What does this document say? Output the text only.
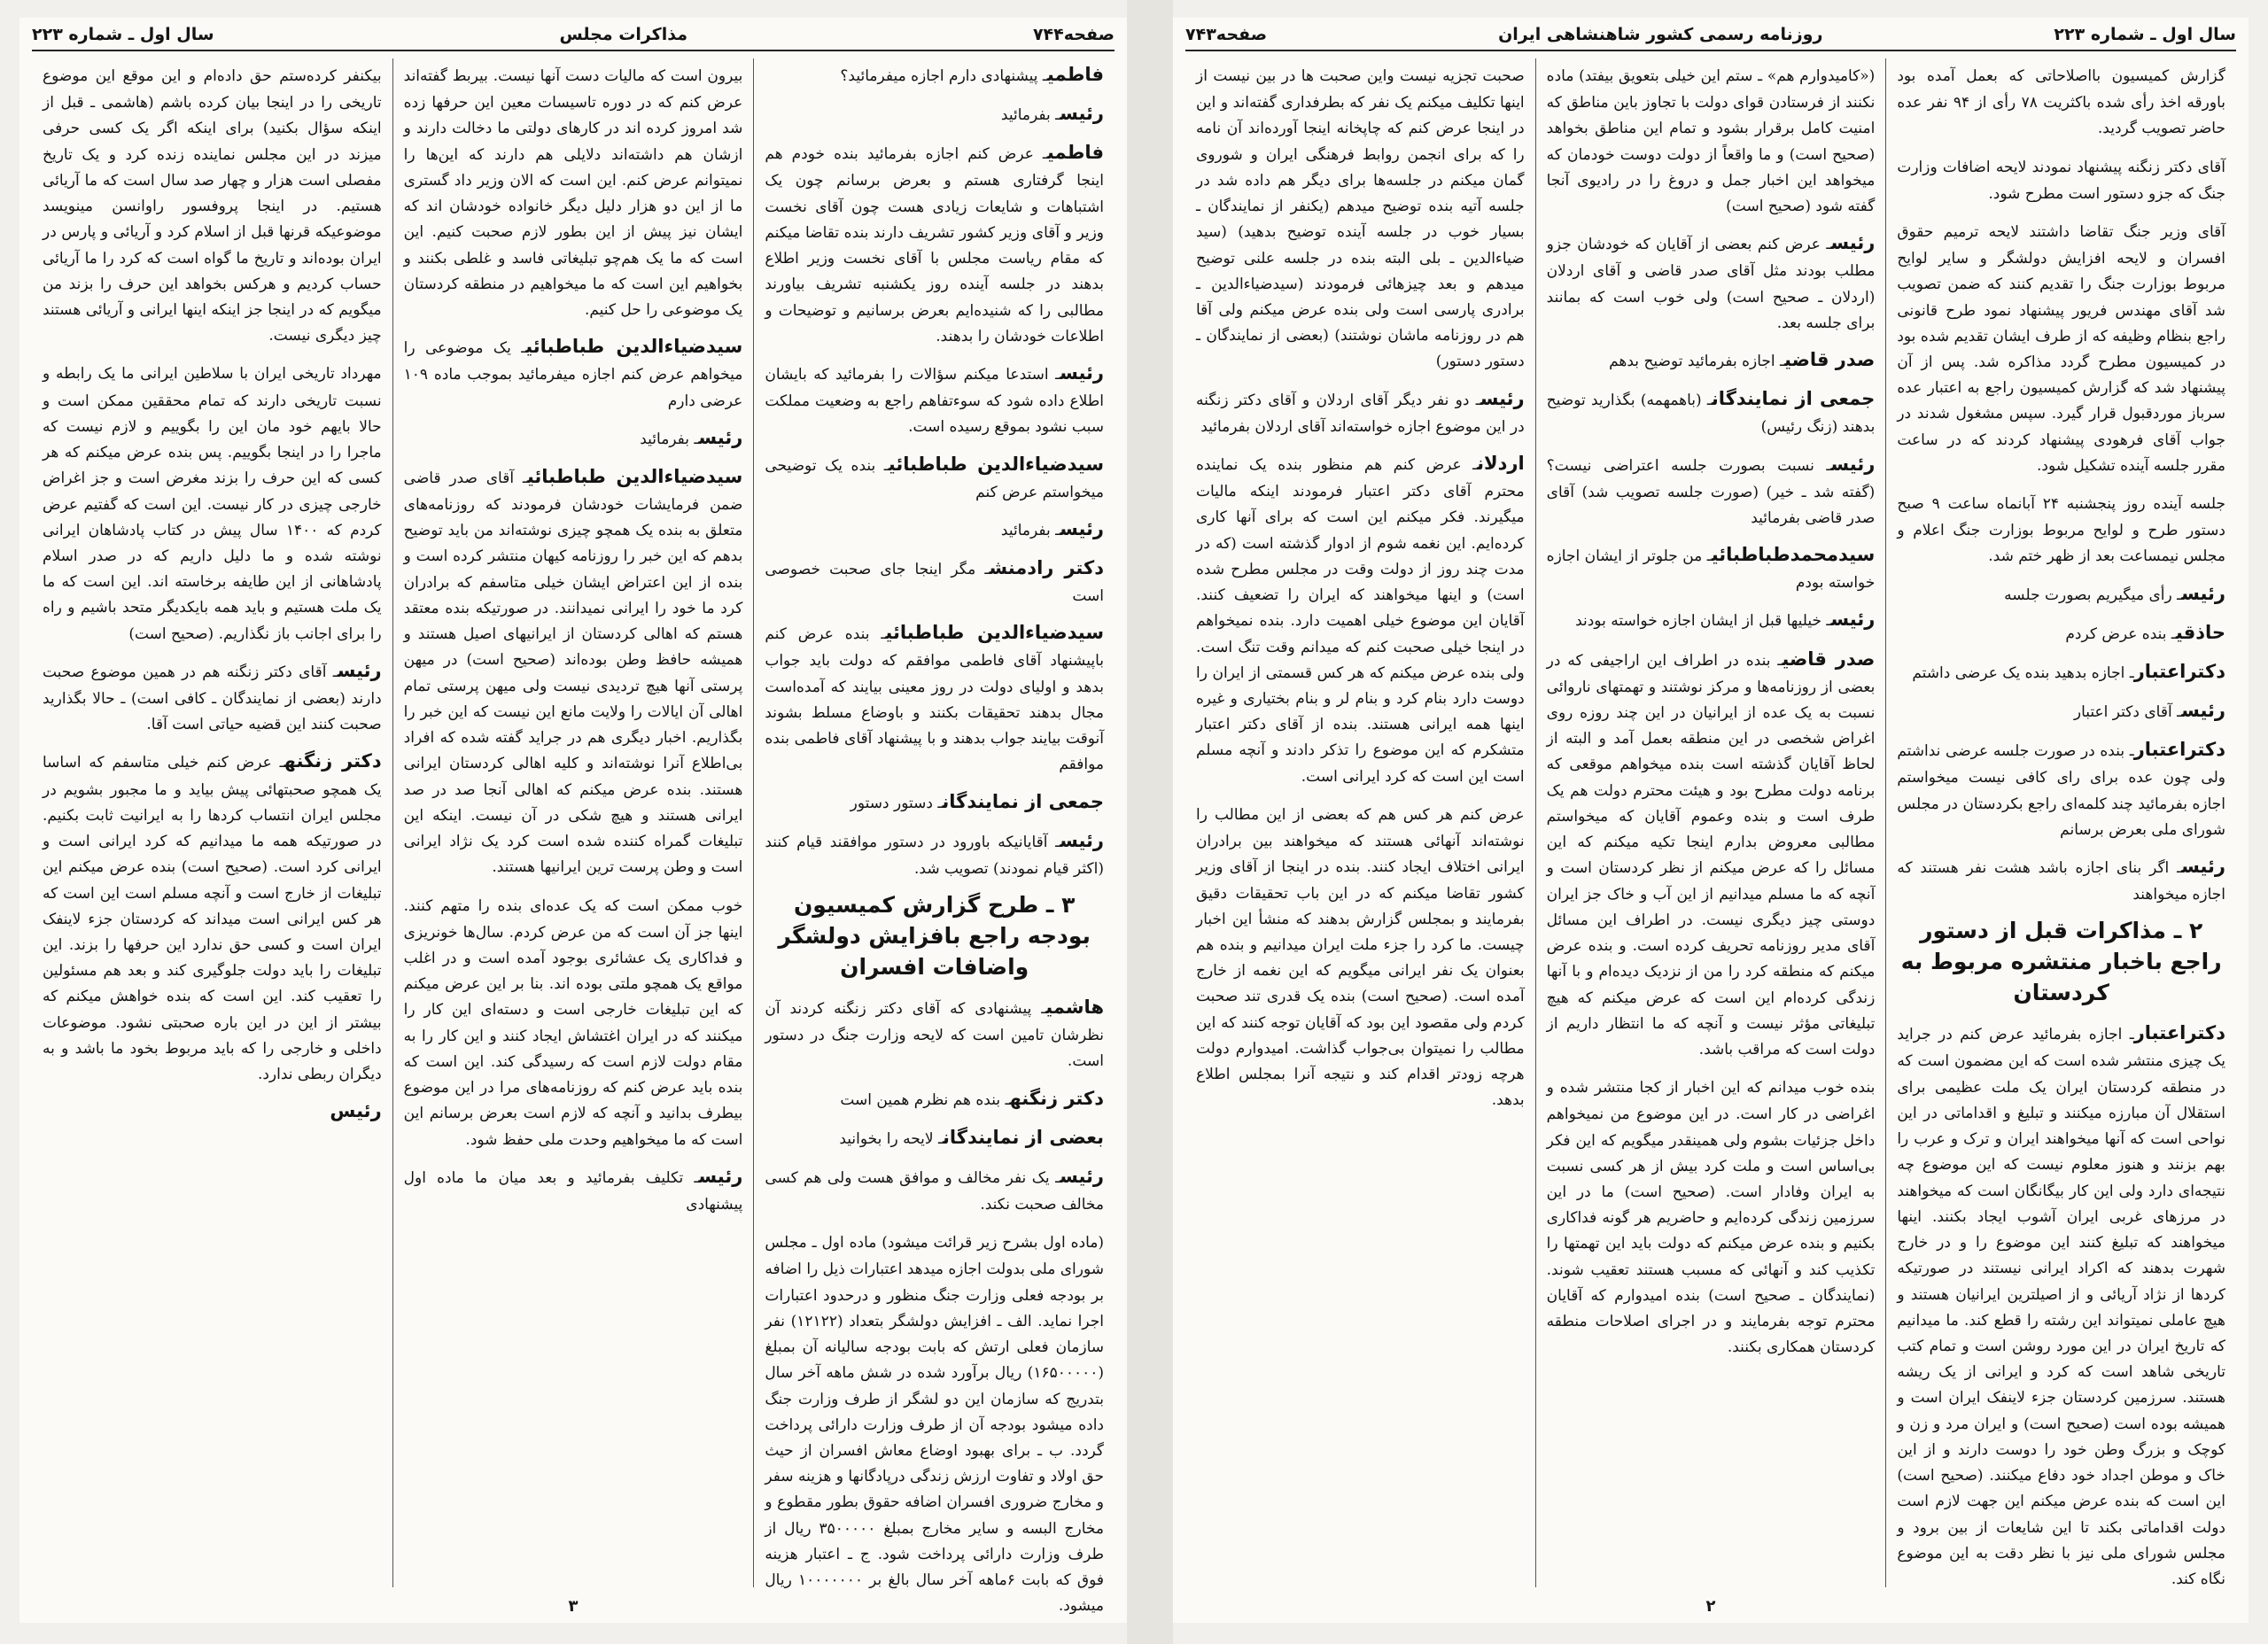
صفحه۷۴۴
مذاکرات مجلس
سال اول ـ شماره ۲۲۳

فاطمیـ پیشنهادی دارم اجازه میفرمائید؟

رئیسـ بفرمائید

فاطمیـ عرض کنم اجازه بفرمائید بنده خودم هم اینجا گرفتاری هستم و بعرض برسانم چون یک اشتباهات و شایعات زیادی هست چون آقای نخست وزیر و آقای وزیر کشور تشریف دارند بنده تقاضا میکنم که مقام ریاست مجلس با آقای نخست وزیر اطلاع بدهند در جلسه آینده روز یکشنبه تشریف بیاورند مطالبی را که شنیده‌ایم بعرض برسانیم و توضیحات و اطلاعات خودشان را بدهند.

رئیسـ استدعا میکنم سؤالات را بفرمائید که بایشان اطلاع داده شود که سوءتفاهم راجع به وضعیت مملکت سبب نشود بموقع رسیده است.

سیدضیاءالدین طباطبائیـ بنده یک توضیحی میخواستم عرض کنم

رئیسـ بفرمائید

دکتر رادمنشـ مگر اینجا جای صحبت خصوصی است

سیدضیاءالدین طباطبائیـ بنده عرض کنم باپیشنهاد آقای فاطمی موافقم که دولت باید جواب بدهد و اولیای دولت در روز معینی بیایند که آمده‌است مجال بدهند تحقیقات بکنند و باوضاع مسلط بشوند آنوقت بیایند جواب بدهند و با پیشنهاد آقای فاطمی بنده موافقم

جمعی از نمایندگانـ دستور دستور

رئیسـ آقایانیکه باورود در دستور موافقند قیام کنند (اکثر قیام نمودند) تصویب شد.

۳ ـ طرح گزارش کمیسیون بودجه راجع بافزایش دولشگر واضافات افسران

هاشمیـ پیشنهادی که آقای دکتر زنگنه کردند آن نظرشان تامین است که لایحه وزارت جنگ در دستور است.

دکتر زنگنهـ بنده هم نظرم همین است

بعضی از نمایندگانـ لایحه را بخوانید

رئیسـ یک نفر مخالف و موافق هست ولی هم کسی مخالف صحبت نکند.

(ماده اول بشرح زیر قرائت میشود) ماده اول ـ مجلس شورای ملی بدولت اجازه میدهد اعتبارات ذیل را اضافه بر بودجه فعلی وزارت جنگ منظور و درحدود اعتبارات اجرا نماید. الف ـ افزایش دولشگر بتعداد (۱۲۱۲۲) نفر سازمان فعلی ارتش که بابت بودجه سالیانه آن بمبلغ (۱۶۵۰۰۰۰۰) ریال برآورد شده در شش ماهه آخر سال بتدریج که سازمان این دو لشگر از طرف وزارت جنگ داده میشود بودجه آن از طرف وزارت دارائی پرداخت گردد. ب ـ برای بهبود اوضاع معاش افسران از حیث حق اولاد و تفاوت ارزش زندگی درپادگانها و هزینه سفر و مخارج ضروری افسران اضافه حقوق بطور مقطوع و مخارج البسه و سایر مخارج بمبلغ ۳۵۰۰۰۰۰ ریال از طرف وزارت دارائی پرداخت شود. ج ـ اعتبار هزینه فوق که بابت ۶ماهه آخر سال بالغ بر ۱۰۰۰۰۰۰۰ ریال میشود.

بیرون است که مالیات دست آنها نیست. بیربط گفته‌اند عرض کنم که در دوره تاسیسات معین این حرفها زده شد امروز کرده اند در کارهای دولتی ما دخالت دارند و ازشان هم داشته‌اند دلایلی هم دارند که این‌ها را نمیتوانم عرض کنم. این است که الان وزیر داد گستری ما از این دو هزار دلیل دیگر خانواده خودشان اند که ایشان نیز پیش از این بطور لازم صحبت کنیم. این است که ما یک هم‌چو تبلیغاتی فاسد و غلطی بکنند و بخواهیم این است که ما میخواهیم در منطقه کردستان یک موضوعی را حل کنیم.

سیدضیاءالدین طباطبائیـ یک موضوعی را میخواهم عرض کنم اجازه میفرمائید بموجب ماده ۱۰۹ عرضی دارم

رئیسـ بفرمائید

سیدضیاءالدین طباطبائیـ آقای صدر قاضی ضمن فرمایشات خودشان فرمودند که روزنامه‌های متعلق به بنده یک همچو چیزی نوشته‌اند من باید توضیح بدهم که این خبر را روزنامه کیهان منتشر کرده است و بنده از این اعتراض ایشان خیلی متاسفم که برادران کرد ما خود را ایرانی نمیدانند. در صورتیکه بنده معتقد هستم که اهالی کردستان از ایرانیهای اصیل هستند و همیشه حافظ وطن بوده‌اند (صحیح است) در میهن پرستی آنها هیچ تردیدی نیست ولی میهن پرستی تمام اهالی آن ایالات را ولایت مانع این نیست که این خبر را بگذاریم. اخبار دیگری هم در جراید گفته شده که افراد بی‌اطلاع آنرا نوشته‌اند و کلیه اهالی کردستان ایرانی هستند. بنده عرض میکنم که اهالی آنجا صد در صد ایرانی هستند و هیچ شکی در آن نیست. اینکه این تبلیغات گمراه کننده شده است کرد یک نژاد ایرانی است و وطن پرست ترین ایرانیها هستند.

خوب ممکن است که یک عده‌ای بنده را متهم کنند. اینها جز آن است که من عرض کردم. سال‌ها خونریزی و فداکاری یک عشائری بوجود آمده است و در اغلب مواقع یک همچو ملتی بوده اند. بنا بر این عرض میکنم که این تبلیغات خارجی است و دسته‌ای این کار را میکنند که در ایران اغتشاش ایجاد کنند و این کار را به مقام دولت لازم است که رسیدگی کند. این است که بنده باید عرض کنم که روزنامه‌های مرا در این موضوع بیطرف بدانید و آنچه که لازم است بعرض برسانم این است که ما میخواهیم وحدت ملی حفظ شود.

رئیسـ تکلیف بفرمائید و بعد میان ما ماده اول پیشنهادی

بیکنفر کرده‌ستم حق داده‌ام و این موقع این موضوع تاریخی را در اینجا بیان کرده باشم (هاشمی ـ قبل از اینکه سؤال بکنید) برای اینکه اگر یک کسی حرفی میزند در این مجلس نماینده زنده کرد و یک تاریخ مفصلی است هزار و چهار صد سال است که ما آریائی هستیم. در اینجا پروفسور راوانسن مینویسد موضوعیکه قرنها قبل از اسلام کرد و آریائی و پارس در ایران بوده‌اند و تاریخ ما گواه است که کرد را ما آریائی حساب کردیم و هرکس بخواهد این حرف را بزند من میگویم که در اینجا جز اینکه اینها ایرانی و آریائی هستند چیز دیگری نیست.

مهرداد تاریخی ایران با سلاطین ایرانی ما یک رابطه و نسبت تاریخی دارند که تمام محققین ممکن است و حالا بایهم خود مان این را بگوییم و لازم نیست که ماجرا را در اینجا بگوییم. پس بنده عرض میکنم که هر کسی که این حرف را بزند مغرض است و جز اغراض خارجی چیزی در کار نیست. این است که گفتیم عرض کردم که ۱۴۰۰ سال پیش در کتاب پادشاهان ایرانی نوشته شده و ما دلیل داریم که در صدر اسلام پادشاهانی از این طایفه برخاسته اند. این است که ما یک ملت هستیم و باید همه بایکدیگر متحد باشیم و راه را برای اجانب باز نگذاریم. (صحیح است)

رئیسـ آقای دکتر زنگنه هم در همین موضوع صحبت دارند (بعضی از نمایندگان ـ کافی است) ـ حالا بگذارید صحبت کنند این قضیه حیاتی است آقا.

دکتر زنگنهـ عرض کنم خیلی متاسفم که اساسا یک همچو صحبتهائی پیش بیاید و ما مجبور بشویم در مجلس ایران انتساب کردها را به ایرانیت ثابت بکنیم. در صورتیکه همه ما میدانیم که کرد ایرانی است و ایرانی کرد است. (صحیح است) بنده عرض میکنم این تبلیغات از خارج است و آنچه مسلم است این است که هر کس ایرانی است میداند که کردستان جزء لاینفک ایران است و کسی حق ندارد این حرفها را بزند. این تبلیغات را باید دولت جلوگیری کند و بعد هم مسئولین را تعقیب کند. این است که بنده خواهش میکنم که بیشتر از این در این باره صحبتی نشود. موضوعات داخلی و خارجی را که باید مربوط بخود ما باشد و به دیگران ربطی ندارد.

رئیس

۳
سال اول ـ شماره ۲۲۳
روزنامه رسمی کشور شاهنشاهی ایران
صفحه۷۴۳

گزارش کمیسیون بااصلاحاتی که بعمل آمده بود باورقه اخذ رأی شده باکثریت ۷۸ رأی از ۹۴ نفر عده حاضر تصویب گردید.

آقای دکتر زنگنه پیشنهاد نمودند لایحه اضافات وزارت جنگ که جزو دستور است مطرح شود.

آقای وزیر جنگ تقاضا داشتند لایحه ترمیم حقوق افسران و لایحه افزایش دولشگر و سایر لوایح مربوط بوزارت جنگ را تقدیم کنند که ضمن تصویب شد آقای مهندس فریور پیشنهاد نمود طرح قانونی راجع بنظام وظیفه که از طرف ایشان تقدیم شده بود در کمیسیون مطرح گردد مذاکره شد. پس از آن پیشنهاد شد که گزارش کمیسیون راجع به اعتبار عده سرباز موردقبول قرار گیرد. سپس مشغول شدند در جواب آقای فرهودی پیشنهاد کردند که در ساعت مقرر جلسه آینده تشکیل شود.

جلسه آینده روز پنجشنبه ۲۴ آبانماه ساعت ۹ صبح دستور طرح و لوایح مربوط بوزارت جنگ اعلام و مجلس نیمساعت بعد از ظهر ختم شد.

رئیسـ رأی میگیریم بصورت جلسه

حاذقیـ بنده عرض کردم

دکتراعتبارـ اجازه بدهید بنده یک عرضی داشتم

رئیسـ آقای دکتر اعتبار

دکتراعتبارـ بنده در صورت جلسه عرضی نداشتم ولی چون عده برای رای کافی نیست میخواستم اجازه بفرمائید چند کلمه‌ای راجع بکردستان در مجلس شورای ملی بعرض برسانم

رئیسـ اگر بنای اجازه باشد هشت نفر هستند که اجازه میخواهند

۲ ـ مذاکرات قبل از دستور راجع باخبار منتشره مربوط به کردستان

دکتراعتبارـ اجازه بفرمائید عرض کنم در جراید یک چیزی منتشر شده است که این مضمون است که در منطقه کردستان ایران یک ملت عظیمی برای استقلال آن مبارزه میکنند و تبلیغ و اقداماتی در این نواحی است که آنها میخواهند ایران و ترک و عرب را بهم بزنند و هنوز معلوم نیست که این موضوع چه نتیجه‌ای دارد ولی این کار بیگانگان است که میخواهند در مرزهای غربی ایران آشوب ایجاد بکنند. اینها میخواهند که تبلیغ کنند این موضوع را و در خارج شهرت بدهند که اکراد ایرانی نیستند در صورتیکه کردها از نژاد آریائی و از اصیلترین ایرانیان هستند و هیچ عاملی نمیتواند این رشته را قطع کند. ما میدانیم که تاریخ ایران در این مورد روشن است و تمام کتب تاریخی شاهد است که کرد و ایرانی از یک ریشه هستند. سرزمین کردستان جزء لاینفک ایران است و همیشه بوده است (صحیح است) و ایران مرد و زن و کوچک و بزرگ وطن خود را دوست دارند و از این خاک و موطن اجداد خود دفاع میکنند. (صحیح است) این است که بنده عرض میکنم این جهت لازم است دولت اقداماتی بکند تا این شایعات از بین برود و مجلس شورای ملی نیز با نظر دقت به این موضوع نگاه کند.

(«کامیدوارم هم» ـ ستم این خیلی بتعویق بیفتد) ماده نکنند از فرستادن قوای دولت با تجاوز باین مناطق که امنیت کامل برقرار بشود و تمام این مناطق بخواهد (صحیح است) و ما واقعاً از دولت دوست خودمان که میخواهد این اخبار جمل و دروغ را در رادیوی آنجا گفته شود (صحیح است)

رئیسـ عرض کنم بعضی از آقایان که خودشان جزو مطلب بودند مثل آقای صدر قاضی و آقای اردلان (اردلان ـ صحیح است) ولی خوب است که بمانند برای جلسه بعد.

صدر قاضیـ اجازه بفرمائید توضیح بدهم

جمعی از نمایندگانـ (باهمهمه) بگذارید توضیح بدهند (زنگ رئیس)

رئیسـ نسبت بصورت جلسه اعتراضی نیست؟ (گفته شد ـ خیر) (صورت جلسه تصویب شد) آقای صدر قاضی بفرمائید

سیدمحمدطباطبائیـ من جلوتر از ایشان اجازه خواسته بودم

رئیسـ خیلیها قبل از ایشان اجازه خواسته بودند

صدر قاضیـ بنده در اطراف این اراجیفی که در بعضی از روزنامه‌ها و مرکز نوشتند و تهمتهای ناروائی نسبت به یک عده از ایرانیان در این چند روزه روی اغراض شخصی در این منطقه بعمل آمد و البته از لحاظ آقایان گذشته است بنده میخواهم موقعی که برنامه دولت مطرح بود و هیئت محترم دولت هم یک طرف است و بنده وعموم آقایان که میخواستم مطالبی معروض بدارم اینجا تکیه میکنم که این مسائل را که عرض میکنم از نظر کردستان است و آنچه که ما مسلم میدانیم از این آب و خاک جز ایران دوستی چیز دیگری نیست. در اطراف این مسائل آقای مدیر روزنامه تحریف کرده است. و بنده عرض میکنم که منطقه کرد را من از نزدیک دیده‌ام و با آنها زندگی کرده‌ام این است که عرض میکنم که هیچ تبلیغاتی مؤثر نیست و آنچه که ما انتظار داریم از دولت است که مراقب باشد.

بنده خوب میدانم که این اخبار از کجا منتشر شده و اغراضی در کار است. در این موضوع من نمیخواهم داخل جزئیات بشوم ولی همینقدر میگویم که این فکر بی‌اساس است و ملت کرد بیش از هر کسی نسبت به ایران وفادار است. (صحیح است) ما در این سرزمین زندگی کرده‌ایم و حاضریم هر گونه فداکاری بکنیم و بنده عرض میکنم که دولت باید این تهمتها را تکذیب کند و آنهائی که مسبب هستند تعقیب شوند. (نمایندگان ـ صحیح است) بنده امیدوارم که آقایان محترم توجه بفرمایند و در اجرای اصلاحات منطقه کردستان همکاری بکنند.

صحبت تجزیه نیست واین صحبت ها در بین نیست از اینها تکلیف میکنم یک نفر که بطرفداری گفته‌اند و این در اینجا عرض کنم که چاپخانه اینجا آورده‌اند آن نامه را که برای انجمن روابط فرهنگی ایران و شوروی گمان میکنم در جلسه‌ها برای دیگر هم داده شد در جلسه آتیه بنده توضیح میدهم (یکنفر از نمایندگان ـ بسیار خوب در جلسه آینده توضیح بدهید) (سید ضیاءالدین ـ بلی البته بنده در جلسه علنی توضیح میدهم و بعد چیزهائی فرمودند (سیدضیاءالدین ـ برادری پارسی است ولی بنده عرض میکنم ولی آقا هم در روزنامه ماشان نوشتند) (بعضی از نمایندگان ـ دستور دستور)

رئیسـ دو نفر دیگر آقای اردلان و آقای دکتر زنگنه در این موضوع اجازه خواسته‌اند آقای اردلان بفرمائید

اردلانـ عرض کنم هم منظور بنده یک نماینده محترم آقای دکتر اعتبار فرمودند اینکه مالیات میگیرند. فکر میکنم این است که برای آنها کاری کرده‌ایم. این نغمه شوم از ادوار گذشته است (که در مدت چند روز از دولت وقت در مجلس مطرح شده است) و اینها میخواهند که ایران را تضعیف کنند. آقایان این موضوع خیلی اهمیت دارد. بنده نمیخواهم در اینجا خیلی صحبت کنم که میدانم وقت تنگ است. ولی بنده عرض میکنم که هر کس قسمتی از ایران را دوست دارد بنام کرد و بنام لر و بنام بختیاری و غیره اینها همه ایرانی هستند. بنده از آقای دکتر اعتبار متشکرم که این موضوع را تذکر دادند و آنچه مسلم است این است که کرد ایرانی است.

عرض کنم هر کس هم که بعضی از این مطالب را نوشته‌اند آنهائی هستند که میخواهند بین برادران ایرانی اختلاف ایجاد کنند. بنده در اینجا از آقای وزیر کشور تقاضا میکنم که در این باب تحقیقات دقیق بفرمایند و بمجلس گزارش بدهند که منشأ این اخبار چیست. ما کرد را جزء ملت ایران میدانیم و بنده هم بعنوان یک نفر ایرانی میگویم که این نغمه از خارج آمده است. (صحیح است) بنده یک قدری تند صحبت کردم ولی مقصود این بود که آقایان توجه کنند که این مطالب را نمیتوان بی‌جواب گذاشت. امیدوارم دولت هرچه زودتر اقدام کند و نتیجه آنرا بمجلس اطلاع بدهد.

۲
